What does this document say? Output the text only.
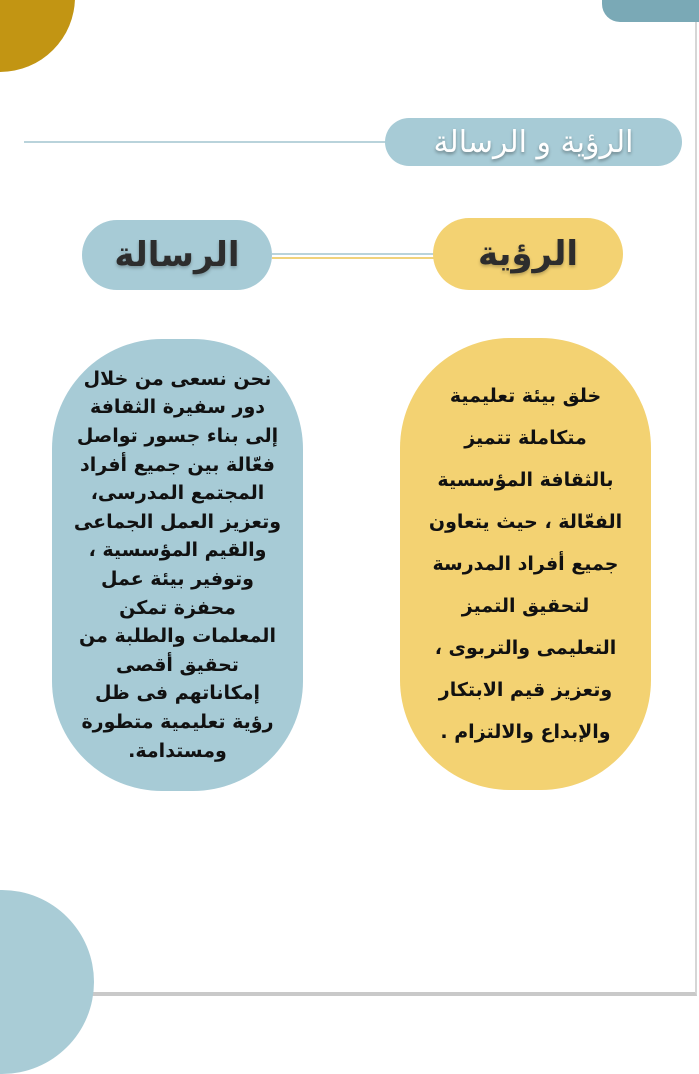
الرؤية و الرسالة
الرسالة	الرؤية
نحن نسعى من خلال
دور سفيرة الثقافة
إلى بناء جسور تواصل
فعّالة بين جميع أفراد
المجتمع المدرسى،
وتعزيز العمل الجماعى
والقيم المؤسسية ،
وتوفير بيئة عمل
محفزة تمكن
المعلمات والطلبة من
تحقيق أقصى
إمكاناتهم فى ظل
رؤية تعليمية متطورة
ومستدامة.
خلق بيئة تعليمية
متكاملة تتميز
بالثقافة المؤسسية
الفعّالة ، حيث يتعاون
جميع أفراد المدرسة
لتحقيق التميز
التعليمى والتربوى ،
وتعزيز قيم الابتكار
والإبداع والالتزام .
